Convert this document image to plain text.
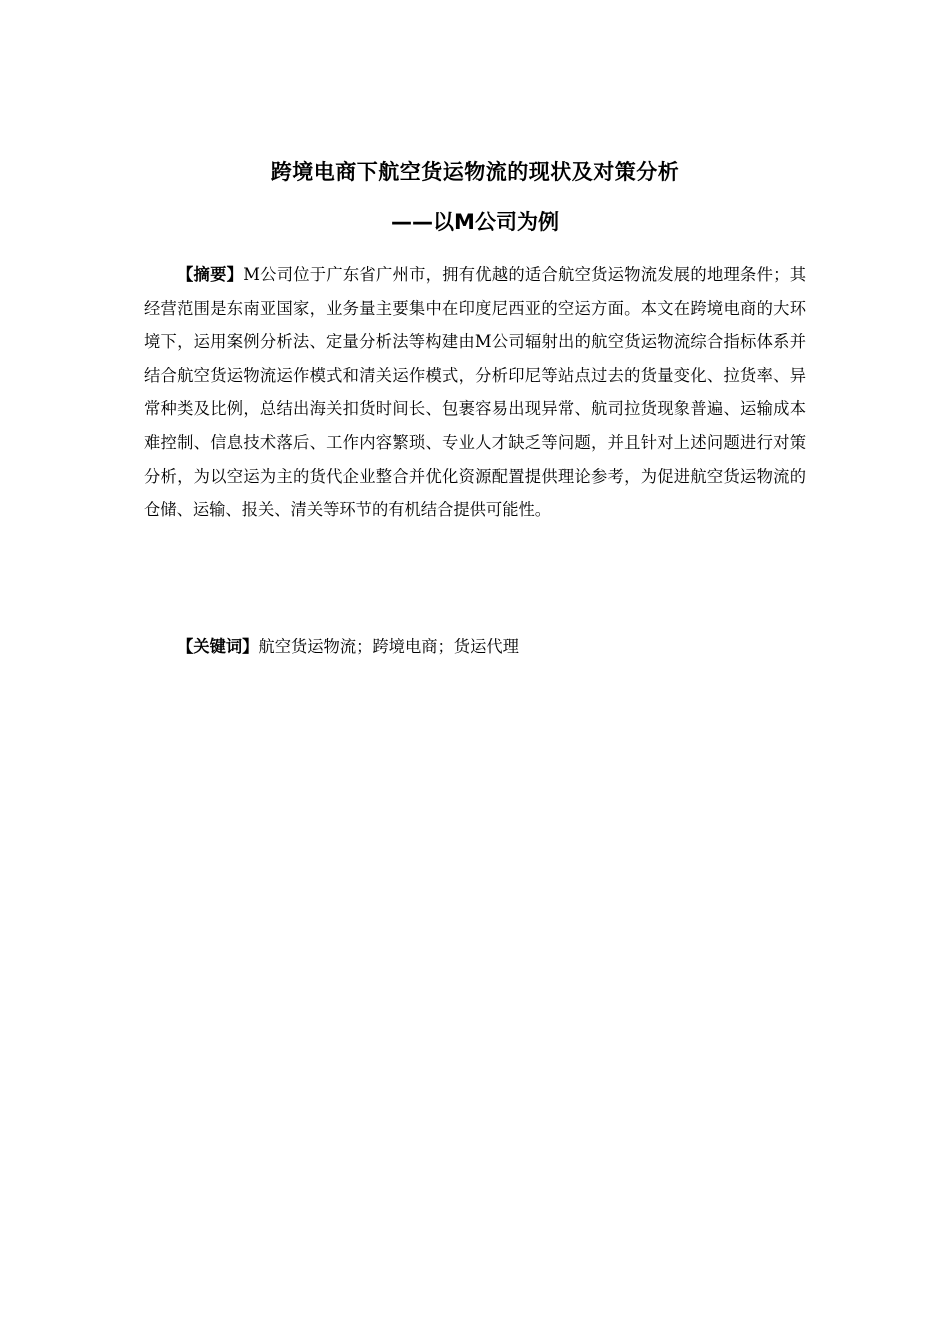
跨境电商下航空货运物流的现状及对策分析
——以M公司为例

【摘要】M公司位于广东省广州市，拥有优越的适合航空货运物流发展的地理条件；其经营范围是东南亚国家，业务量主要集中在印度尼西亚的空运方面。本文在跨境电商的大环境下，运用案例分析法、定量分析法等构建由M公司辐射出的航空货运物流综合指标体系并结合航空货运物流运作模式和清关运作模式，分析印尼等站点过去的货量变化、拉货率、异常种类及比例，总结出海关扣货时间长、包裹容易出现异常、航司拉货现象普遍、运输成本难控制、信息技术落后、工作内容繁琐、专业人才缺乏等问题，并且针对上述问题进行对策分析，为以空运为主的货代企业整合并优化资源配置提供理论参考，为促进航空货运物流的仓储、运输、报关、清关等环节的有机结合提供可能性。

【关键词】航空货运物流；跨境电商；货运代理
